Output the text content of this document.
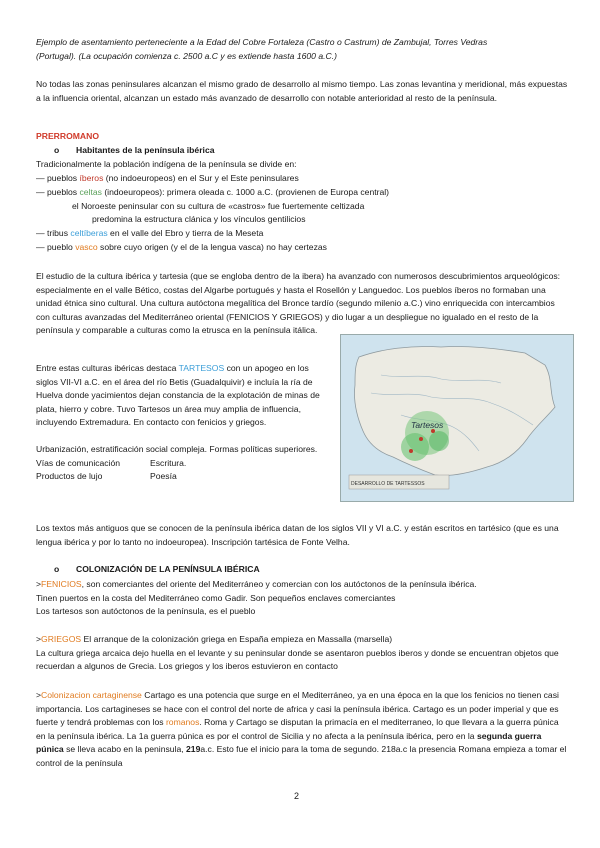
Ejemplo de asentamiento perteneciente a la Edad del Cobre Fortaleza (Castro o Castrum) de Zambujal, Torres Vedras

(Portugal). (La ocupación comienza c. 2500 a.C y es extiende hasta 1600 a.C.)

No todas las zonas peninsulares alcanzan el mismo grado de desarrollo al mismo tiempo. Las zonas levantina y meridional, más expuestas a la influencia oriental, alcanzan un estado más avanzado de desarrollo con notable anterioridad al resto de la península.

PRERROMANO

o Habitantes de la península ibérica

Tradicionalmente la población indígena de la península se divide en:

— pueblos íberos (no indoeuropeos) en el Sur y el Este peninsulares

— pueblos celtas (indoeuropeos): primera oleada c. 1000 a.C. (provienen de Europa central)

el Noroeste peninsular con su cultura de «castros» fue fuertemente celtizada

predomina la estructura clánica y los vínculos gentilicios

— tribus celtíberas en el valle del Ebro y tierra de la Meseta

— pueblo vasco sobre cuyo origen (y el de la lengua vasca) no hay certezas

El estudio de la cultura ibérica y tartesia (que se engloba dentro de la ibera) ha avanzado con numerosos descubrimientos arqueológicos: especialmente en el valle Bético, costas del Algarbe portugués y hasta el Rosellón y Languedoc. Los pueblos íberos no formaban una unidad étnica sino cultural. Una cultura autóctona megalítica del Bronce tardío (segundo milenio a.C.) vino enriquecida con intercambios con culturas avanzadas del Mediterráneo oriental (FENICIOS Y GRIEGOS) y dio lugar a un despliegue no igualado en el resto de la península y comparable a culturas como la etrusca en la península itálica.

Entre estas culturas ibéricas destaca TARTESOS con un apogeo en los siglos VII-VI a.C. en el área del río Betis (Guadalquivir) e incluía la ría de Huelva donde yacimientos dejan constancia de la explotación de minas de plata, hierro y cobre. Tuvo Tartesos un área muy amplia de influencia, incluyendo Extremadura. En contacto con fenicios y griegos.

Urbanización, estratificación social compleja. Formas políticas superiores.

Vías de comunicación	Escritura.

Productos de lujo	Poesía

Tartesos
DESARROLLO DE TARTESSOS

Los textos más antiguos que se conocen de la península ibérica datan de los siglos VII y VI a.C. y están escritos en tartésico (que es una lengua ibérica y por lo tanto no indoeuropea). Inscripción tartésica de Fonte Velha.

o COLONIZACIÓN DE LA PENÍNSULA IBÉRICA

>FENICIOS, son comerciantes del oriente del Mediterráneo y comercian con los autóctonos de la península ibérica.

Tinen puertos en la costa del Mediterráneo como Gadir. Son pequeños enclaves comerciantes

Los tartesos son autóctonos de la península, es el pueblo

>GRIEGOS El arranque de la colonización griega en España empieza en Massalla (marsella)

La cultura griega arcaica dejo huella en el levante y su peninsular donde se asentaron pueblos iberos y donde se encuentran objetos que recuerdan a algunos de Grecia. Los griegos y los iberos estuvieron en contacto

>Colonizacion cartaginense Cartago es una potencia que surge en el Mediterráneo, ya en una época en la que los fenicios no tienen casi importancia. Los cartagineses se hace con el control del norte de africa y casi la península ibérica. Cartago es un poder imperial y que es fuerte y tendrá problemas con los romanos. Roma y Cartago se disputan la primacía en el mediterraneo, lo que llevara a la guerra púnica en la península ibérica. La 1a guerra púnica es por el control de Sicilia y no afecta a la península ibérica, pero en la segunda guerra púnica se lleva acabo en la peninsula, 219a.c. Esto fue el inicio para la toma de segundo. 218a.c la presencia Romana empieza a tomar el control de la península

2
